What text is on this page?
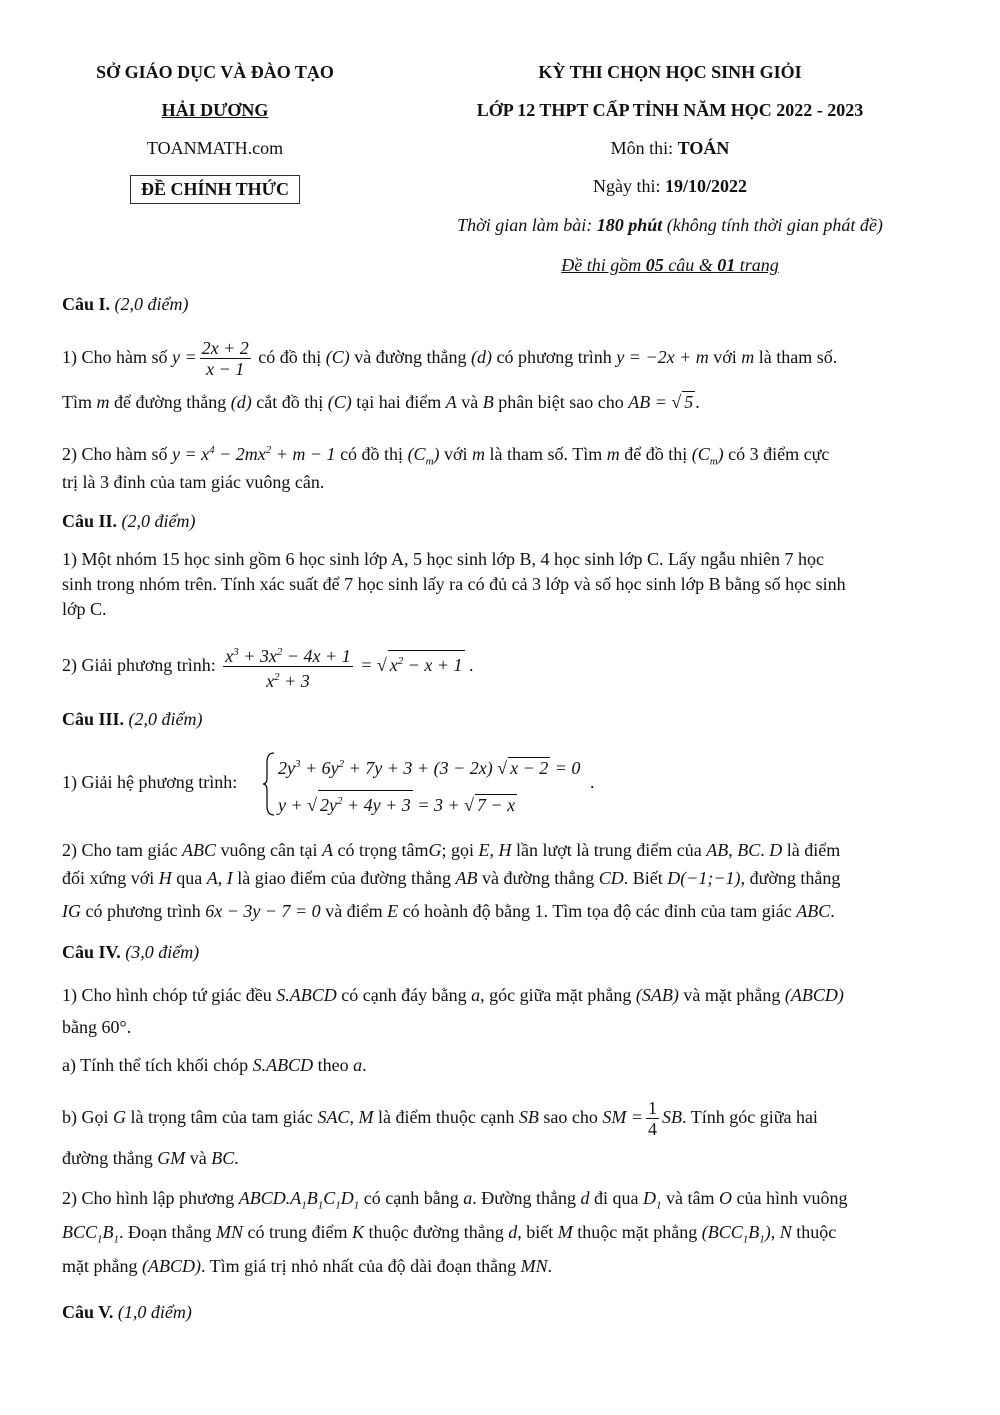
SỞ GIÁO DỤC VÀ ĐÀO TẠO
HẢI DƯƠNG
TOANMATH.com
ĐỀ CHÍNH THỨC
KỲ THI CHỌN HỌC SINH GIỎI
LỚP 12 THPT CẤP TỈNH NĂM HỌC 2022 - 2023
Môn thi: TOÁN
Ngày thi: 19/10/2022
Thời gian làm bài: 180 phút (không tính thời gian phát đề)
Đề thi gồm 05 câu & 01 trang
Câu I. (2,0 điểm)
1) Cho hàm số $y = \frac{2x + 2}{x - 1}$ có đồ thị (C) và đường thẳng (d) có phương trình y = −2x + m với m là tham số.
Tìm m để đường thẳng (d) cắt đồ thị (C) tại hai điểm A và B phân biệt sao cho AB = √ 5 .
2) Cho hàm số $y = x^4 - 2mx^2 + m - 1$ có đồ thị $(C_m)$ với m là tham số. Tìm m để đồ thị $(C_m)$ có 3 điểm cực
trị là 3 đỉnh của tam giác vuông cân.
Câu II. (2,0 điểm)
1) Một nhóm 15 học sinh gồm 6 học sinh lớp A, 5 học sinh lớp B, 4 học sinh lớp C. Lấy ngẫu nhiên 7 học
sinh trong nhóm trên. Tính xác suất để 7 học sinh lấy ra có đủ cả 3 lớp và số học sinh lớp B bằng số học sinh
lớp C.
2) Giải phương trình: $\frac{x^3 + 3x^2 - 4x + 1}{x^2 + 3}$ = √ $x^2 - x + 1$ .
Câu III. (2,0 điểm)
1) Giải hệ phương trình:
$2y^3 + 6y^2 + 7y + 3 + (3 - 2x)$ √ x − 2 = 0
y + √ $2y^2 + 4y + 3 = 3$ + √ 7 − x
.
2) Cho tam giác ABC vuông cân tại A có trọng tâmG; gọi E, H lần lượt là trung điểm của AB, BC. D là điểm
đối xứng với H qua A, I là giao điểm của đường thẳng AB và đường thẳng CD. Biết D(−1;−1), đường thẳng
IG có phương trình 6x − 3y − 7 = 0 và điểm E có hoành độ bằng 1. Tìm tọa độ các đỉnh của tam giác ABC.
Câu IV. (3,0 điểm)
1) Cho hình chóp tứ giác đều S.ABCD có cạnh đáy bằng a, góc giữa mặt phẳng (SAB) và mặt phẳng (ABCD)
bằng 60°.
a) Tính thể tích khối chóp S.ABCD theo a.
b) Gọi G là trọng tâm của tam giác SAC, M là điểm thuộc cạnh SB sao cho SM = $\frac{1}{4}$ SB. Tính góc giữa hai
đường thẳng GM và BC.
2) Cho hình lập phương $ABCD.A_1B_1C_1D_1$ có cạnh bằng a. Đường thẳng d đi qua $D_1$ và tâm O của hình vuông
$BCC_1B_1$. Đoạn thẳng MN có trung điểm K thuộc đường thẳng d, biết M thuộc mặt phẳng $(BCC_1B_1)$, N thuộc
mặt phẳng (ABCD). Tìm giá trị nhỏ nhất của độ dài đoạn thẳng MN.
Câu V. (1,0 điểm)
